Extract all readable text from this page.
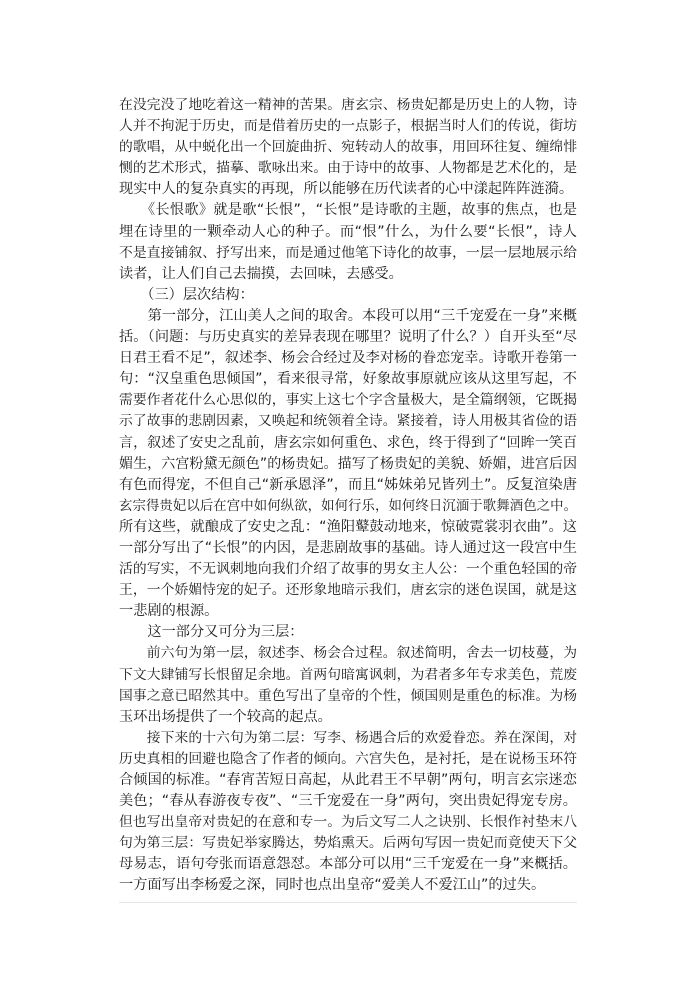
在没完没了地吃着这一精神的苦果。唐玄宗、杨贵妃都是历史上的人物，诗
人并不拘泥于历史，而是借着历史的一点影子，根据当时人们的传说，街坊
的歌唱，从中蜕化出一个回旋曲折、宛转动人的故事，用回环往复、缠绵悱
恻的艺术形式，描摹、歌咏出来。由于诗中的故事、人物都是艺术化的，是
现实中人的复杂真实的再现，所以能够在历代读者的心中漾起阵阵涟漪。
　　《长恨歌》就是歌“长恨”，“长恨”是诗歌的主题，故事的焦点，也是
埋在诗里的一颗牵动人心的种子。而“恨”什么，为什么要“长恨”，诗人
不是直接铺叙、抒写出来，而是通过他笔下诗化的故事，一层一层地展示给
读者，让人们自己去揣摸，去回味，去感受。
　　（三）层次结构：
　　第一部分，江山美人之间的取舍。本段可以用“三千宠爱在一身”来概
括。（问题：与历史真实的差异表现在哪里？说明了什么？）自开头至“尽
日君王看不足”，叙述李、杨会合经过及李对杨的眷恋宠幸。诗歌开卷第一
句：“汉皇重色思倾国”，看来很寻常，好象故事原就应该从这里写起，不
需要作者花什么心思似的，事实上这七个字含量极大，是全篇纲领，它既揭
示了故事的悲剧因素，又唤起和统领着全诗。紧接着，诗人用极其省俭的语
言，叙述了安史之乱前，唐玄宗如何重色、求色，终于得到了“回眸一笑百
媚生，六宫粉黛无颜色”的杨贵妃。描写了杨贵妃的美貌、娇媚，进宫后因
有色而得宠，不但自己“新承恩泽”，而且“姊妹弟兄皆列土”。反复渲染唐
玄宗得贵妃以后在宫中如何纵欲，如何行乐，如何终日沉湎于歌舞酒色之中。
所有这些，就酿成了安史之乱：“渔阳鼙鼓动地来，惊破霓裳羽衣曲”。这
一部分写出了“长恨”的内因，是悲剧故事的基础。诗人通过这一段宫中生
活的写实，不无讽刺地向我们介绍了故事的男女主人公：一个重色轻国的帝
王，一个娇媚恃宠的妃子。还形象地暗示我们，唐玄宗的迷色误国，就是这
一悲剧的根源。
　　这一部分又可分为三层：
　　前六句为第一层，叙述李、杨会合过程。叙述简明，舍去一切枝蔓，为
下文大肆铺写长恨留足余地。首两句暗寓讽刺，为君者多年专求美色，荒废
国事之意已昭然其中。重色写出了皇帝的个性，倾国则是重色的标准。为杨
玉环出场提供了一个较高的起点。
　　接下来的十六句为第二层：写李、杨遇合后的欢爱眷恋。养在深闺，对
历史真相的回避也隐含了作者的倾向。六宫失色，是衬托，是在说杨玉环符
合倾国的标准。“春宵苦短日高起，从此君王不早朝”两句，明言玄宗迷恋
美色；“春从春游夜专夜”、“三千宠爱在一身”两句，突出贵妃得宠专房。
但也写出皇帝对贵妃的在意和专一。为后文写二人之诀别、长恨作衬垫末八
句为第三层：写贵妃举家腾达，势焰熏天。后两句写因一贵妃而竟使天下父
母易志，语句夸张而语意怨怼。本部分可以用“三千宠爱在一身”来概括。
一方面写出李杨爱之深，同时也点出皇帝“爱美人不爱江山”的过失。
